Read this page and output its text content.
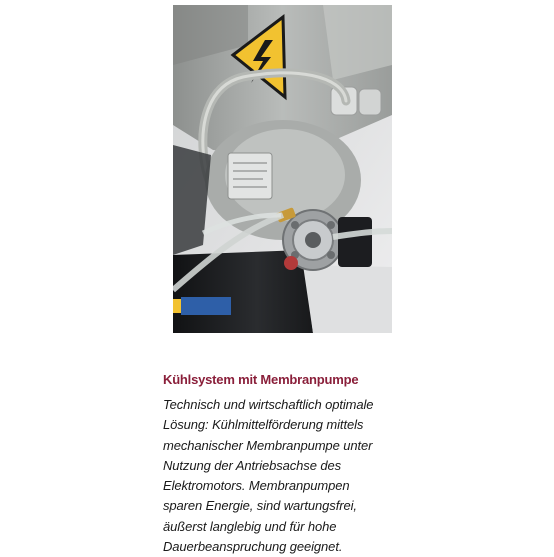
Kühlsystem mit Membranpumpe
Technisch und wirtschaftlich optimale
Lösung: Kühlmittelförderung mittels
mechanischer Membranpumpe unter
Nutzung der Antriebsachse des
Elektromotors. Membranpumpen
sparen Energie, sind wartungsfrei,
äußerst langlebig und für hohe
Dauerbeanspruchung geeignet.
